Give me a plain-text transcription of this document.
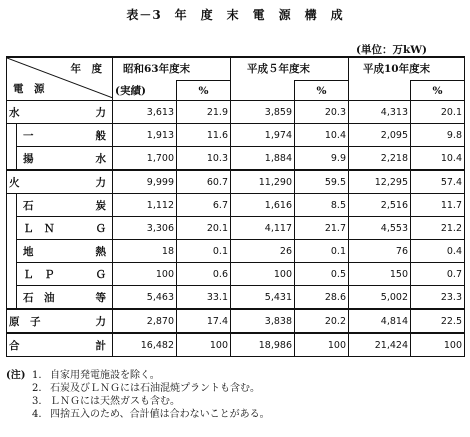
表－3　年　度　末　電　源　構　成
(単位：万kW)
年　度
電　源		昭和63年度末		平成５年度末		平成10年度末	

		(実績)	%		%		%

水 力		3,613	21.9	3,859	20.3	4,313	20.1

	一 般	1,913	11.6	1,974	10.4	2,095	9.8

	揚 水	1,700	10.3	1,884	9.9	2,218	10.4

火 力		9,999	60.7	11,290	59.5	12,295	57.4

	石 炭	1,112	6.7	1,616	8.5	2,516	11.7

	Ｌ　Ｎ Ｇ	3,306	20.1	4,117	21.7	4,553	21.2

	地 熱	18	0.1	26	0.1	76	0.4

	Ｌ　Ｐ Ｇ	100	0.6	100	0.5	150	0.7

	石　油 等	5,463	33.1	5,431	28.6	5,002	23.3

原　子 力		2,870	17.4	3,838	20.2	4,814	22.5

合 計		16,482	100	18,986	100	21,424	100
(注) 1. 自家用発電施設を除く。
2. 石炭及びＬＮＧには石油混焼プラントも含む。
3. ＬＮＧには天然ガスも含む。
4. 四捨五入のため、合計値は合わないことがある。
